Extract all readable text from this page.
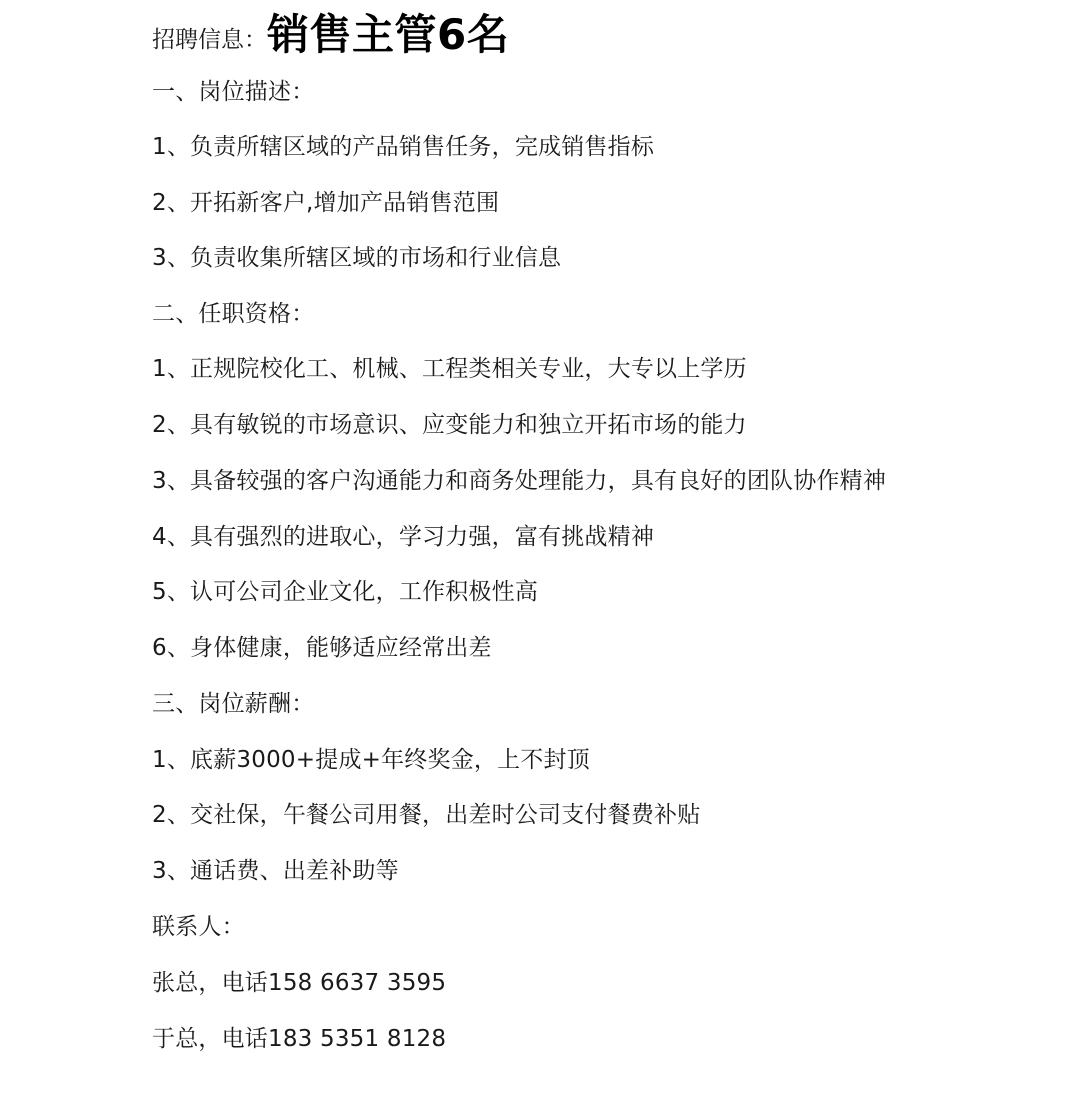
招聘信息： 销售主管6名
一、岗位描述：
1、负责所辖区域的产品销售任务，完成销售指标
2、开拓新客户,增加产品销售范围
3、负责收集所辖区域的市场和行业信息
二、任职资格：
1、正规院校化工、机械、工程类相关专业，大专以上学历
2、具有敏锐的市场意识、应变能力和独立开拓市场的能力
3、具备较强的客户沟通能力和商务处理能力，具有良好的团队协作精神
4、具有强烈的进取心，学习力强，富有挑战精神
5、认可公司企业文化，工作积极性高
6、身体健康，能够适应经常出差
三、岗位薪酬：
1、底薪3000+提成+年终奖金，上不封顶
2、交社保，午餐公司用餐，出差时公司支付餐费补贴
3、通话费、出差补助等
联系人：
张总，电话158 6637 3595
于总，电话183 5351 8128
